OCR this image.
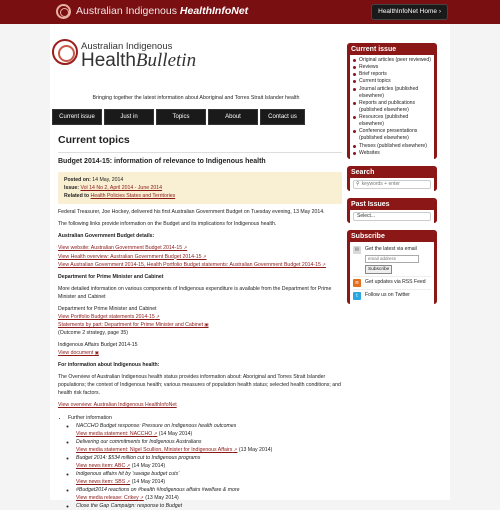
Australian Indigenous HealthInfoNet	HealthInfoNet Home ›
Australian Indigenous
HealthBulletin
Bringing together the latest information about Aboriginal and Torres Strait Islander health
Current issue	Just in	Topics	About	Contact us
Current topics
Budget 2014-15: information of relevance to Indigenous health
Posted on: 14 May, 2014
Issue: Vol 14 No 2, April 2014 - June 2014
Related to Health Policies States and Territories

Federal Treasurer, Joe Hockey, delivered his first Australian Government Budget on Tuesday evening, 13 May 2014.

The following links provide information on the Budget and its implications for Indigenous health.

Australian Government Budget details:

View website: Australian Government Budget 2014-15 ↗
View Health overview: Australian Government Budget 2014-15 ↗
View Australian Government 2014-15, Health Portfolio Budget statements: Australian Government Budget 2014-15 ↗

Department for Prime Minister and Cabinet

More detailed information on various components of Indigenous expenditure is available from the Department for Prime Minister and Cabinet

Department for Prime Minister and Cabinet
View Portfolio Budget statements 2014-15 ↗
Statements by part: Department for Prime Minister and Cabinet ▣
(Outcome 2 strategy, page 35)

Indigenous Affairs Budget 2014-15
View document ▣

For information about Indigenous health:

The Overview of Australian Indigenous health status provides information about: Aboriginal and Torres Strait Islander populations; the context of Indigenous health; various measures of population health status; selected health conditions; and health risk factors.

View overview: Australian Indigenous HealthInfoNet

• Further information
◦ NACCHO Budget response: Pressure on Indigenous health outcomes
View media statement: NACCHO ↗ (14 May 2014)
◦ Delivering our commitments for Indigenous Australians
View media statement: Nigel Scullion, Minister for Indigenous Affairs ↗ (13 May 2014)
◦ Budget 2014: $534 million cut to Indigenous programs
View news item: ABC ↗ (14 May 2014)
◦ Indigenous affairs hit by 'savage budget cuts'
View news item: SBS ↗ (14 May 2014)
◦ #Budget2014 reactions on #health #Indigenous affairs #welfare & more
View media release: Crikey ↗ (13 May 2014)
◦ Close the Gap Campaign: response to Budget
Current issue
Original articles (peer reviewed)
Reviews
Brief reports
Current topics
Journal articles (published elsewhere)
Reports and publications (published elsewhere)
Resources (published elsewhere)
Conference presentations (published elsewhere)
Theses (published elsewhere)
Websites
Search
⚲ keywords + enter
Past Issues
Select...
Subscribe
✉	Get the latest via email
email address
Subscribe
≋	Get updates via RSS Feed
t	Follow us on Twitter
